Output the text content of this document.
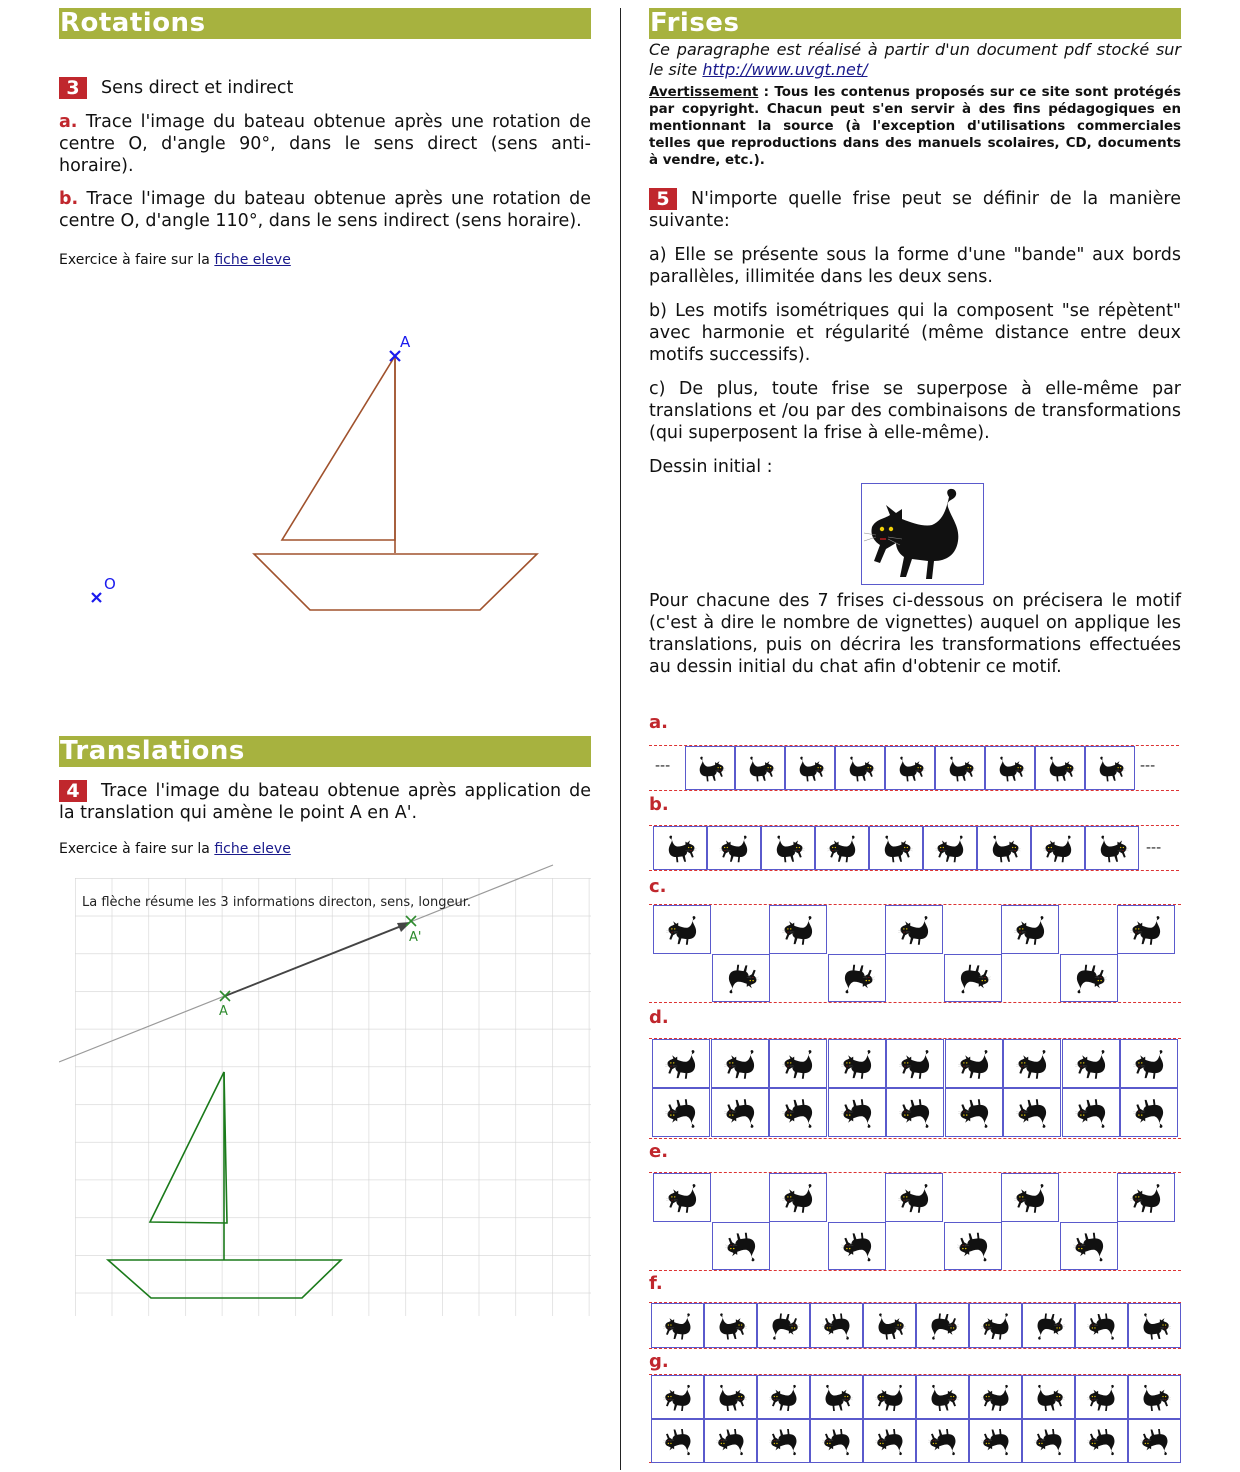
Rotations

3 Sens direct et indirect

a. Trace l'image du bateau obtenue après une rotation de centre O, d'angle 90°, dans le sens direct (sens anti-horaire).

b. Trace l'image du bateau obtenue après une rotation de centre O, d'angle 110°, dans le sens indirect (sens horaire).

Exercice à faire sur la fiche eleve

A
O
Translations

4 Trace l'image du bateau obtenue après application de la translation qui amène le point A en A'.

Exercice à faire sur la fiche eleve

La flèche résume les 3 informations directon, sens, longeur.
A
A'
Frises

Ce paragraphe est réalisé à partir d'un document pdf stocké sur le site http://www.uvgt.net/

Avertissement : Tous les contenus proposés sur ce site sont protégés par copyright. Chacun peut s'en servir à des fins pédagogiques en mentionnant la source (à l'exception d'utilisations commerciales telles que reproductions dans des manuels scolaires, CD, documents à vendre, etc.).

5 N'importe quelle frise peut se définir de la manière suivante:

a) Elle se présente sous la forme d'une "bande" aux bords parallèles, illimitée dans les deux sens.

b) Les motifs isométriques qui la composent "se répètent" avec harmonie et régularité (même distance entre deux motifs successifs).

c) De plus, toute frise se superpose à elle-même par translations et /ou par des combinaisons de transformations (qui superposent la frise à elle-même).

Dessin initial :

Pour chacune des 7 frises ci-dessous on précisera le motif (c'est à dire le nombre de vignettes) auquel on applique les translations, puis on décrira les transformations effectuées au dessin initial du chat afin d'obtenir ce motif.

a.
---	---
b.
---
c.
d.
e.
f.
g.
